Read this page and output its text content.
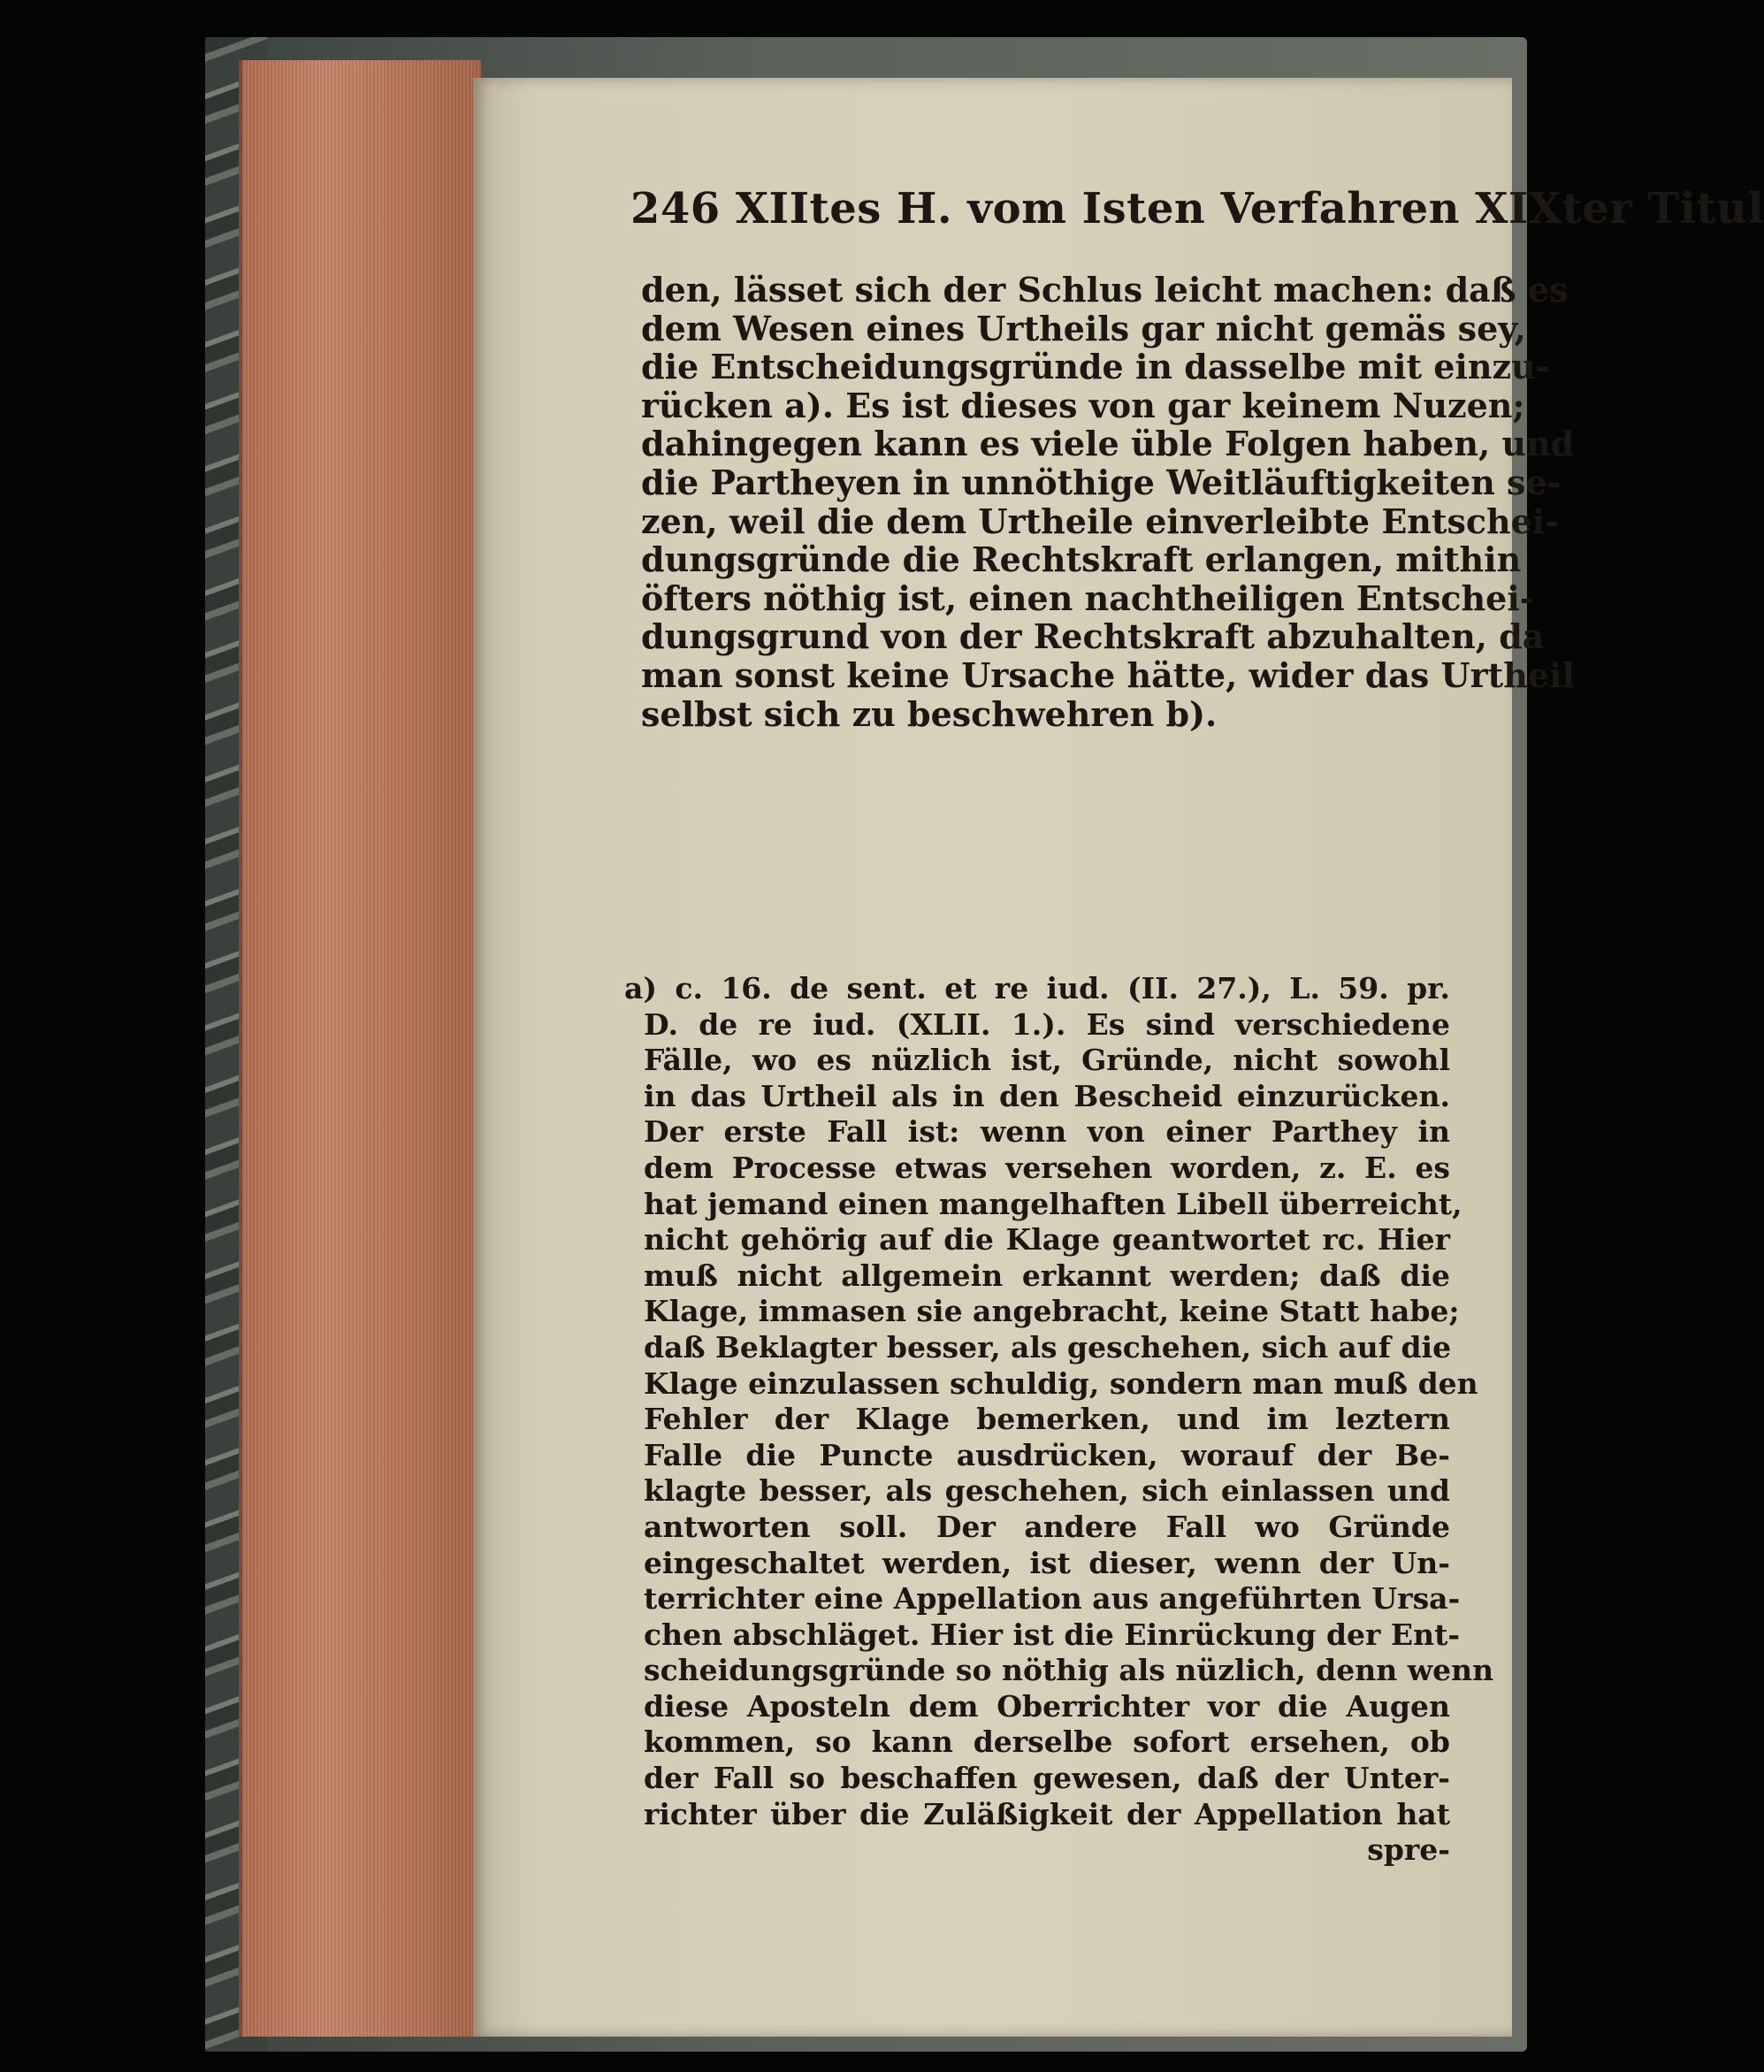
246 XIItes H. vom Isten Verfahren XIXter Titul
den, lässet sich der Schlus leicht machen: daß es
dem Wesen eines Urtheils gar nicht gemäs sey,
die Entscheidungsgründe in dasselbe mit einzu-
rücken a). Es ist dieses von gar keinem Nuzen;
dahingegen kann es viele üble Folgen haben, und
die Partheyen in unnöthige Weitläuftigkeiten se-
zen, weil die dem Urtheile einverleibte Entschei-
dungsgründe die Rechtskraft erlangen, mithin
öfters nöthig ist, einen nachtheiligen Entschei-
dungsgrund von der Rechtskraft abzuhalten, da
man sonst keine Ursache hätte, wider das Urtheil
selbst sich zu beschwehren b).
a) c. 16. de sent. et re iud. (II. 27.), L. 59. pr.
D. de re iud. (XLII. 1.). Es sind verschiedene
Fälle, wo es nüzlich ist, Gründe, nicht sowohl
in das Urtheil als in den Bescheid einzurücken.
Der erste Fall ist: wenn von einer Parthey in
dem Processe etwas versehen worden, z. E. es
hat jemand einen mangelhaften Libell überreicht,
nicht gehörig auf die Klage geantwortet rc. Hier
muß nicht allgemein erkannt werden; daß die
Klage, immasen sie angebracht, keine Statt habe;
daß Beklagter besser, als geschehen, sich auf die
Klage einzulassen schuldig, sondern man muß den
Fehler der Klage bemerken, und im leztern
Falle die Puncte ausdrücken, worauf der Be-
klagte besser, als geschehen, sich einlassen und
antworten soll. Der andere Fall wo Gründe
eingeschaltet werden, ist dieser, wenn der Un-
terrichter eine Appellation aus angeführten Ursa-
chen abschläget. Hier ist die Einrückung der Ent-
scheidungsgründe so nöthig als nüzlich, denn wenn
diese Aposteln dem Oberrichter vor die Augen
kommen, so kann derselbe sofort ersehen, ob
der Fall so beschaffen gewesen, daß der Unter-
richter über die Zuläßigkeit der Appellation hat
spre-
